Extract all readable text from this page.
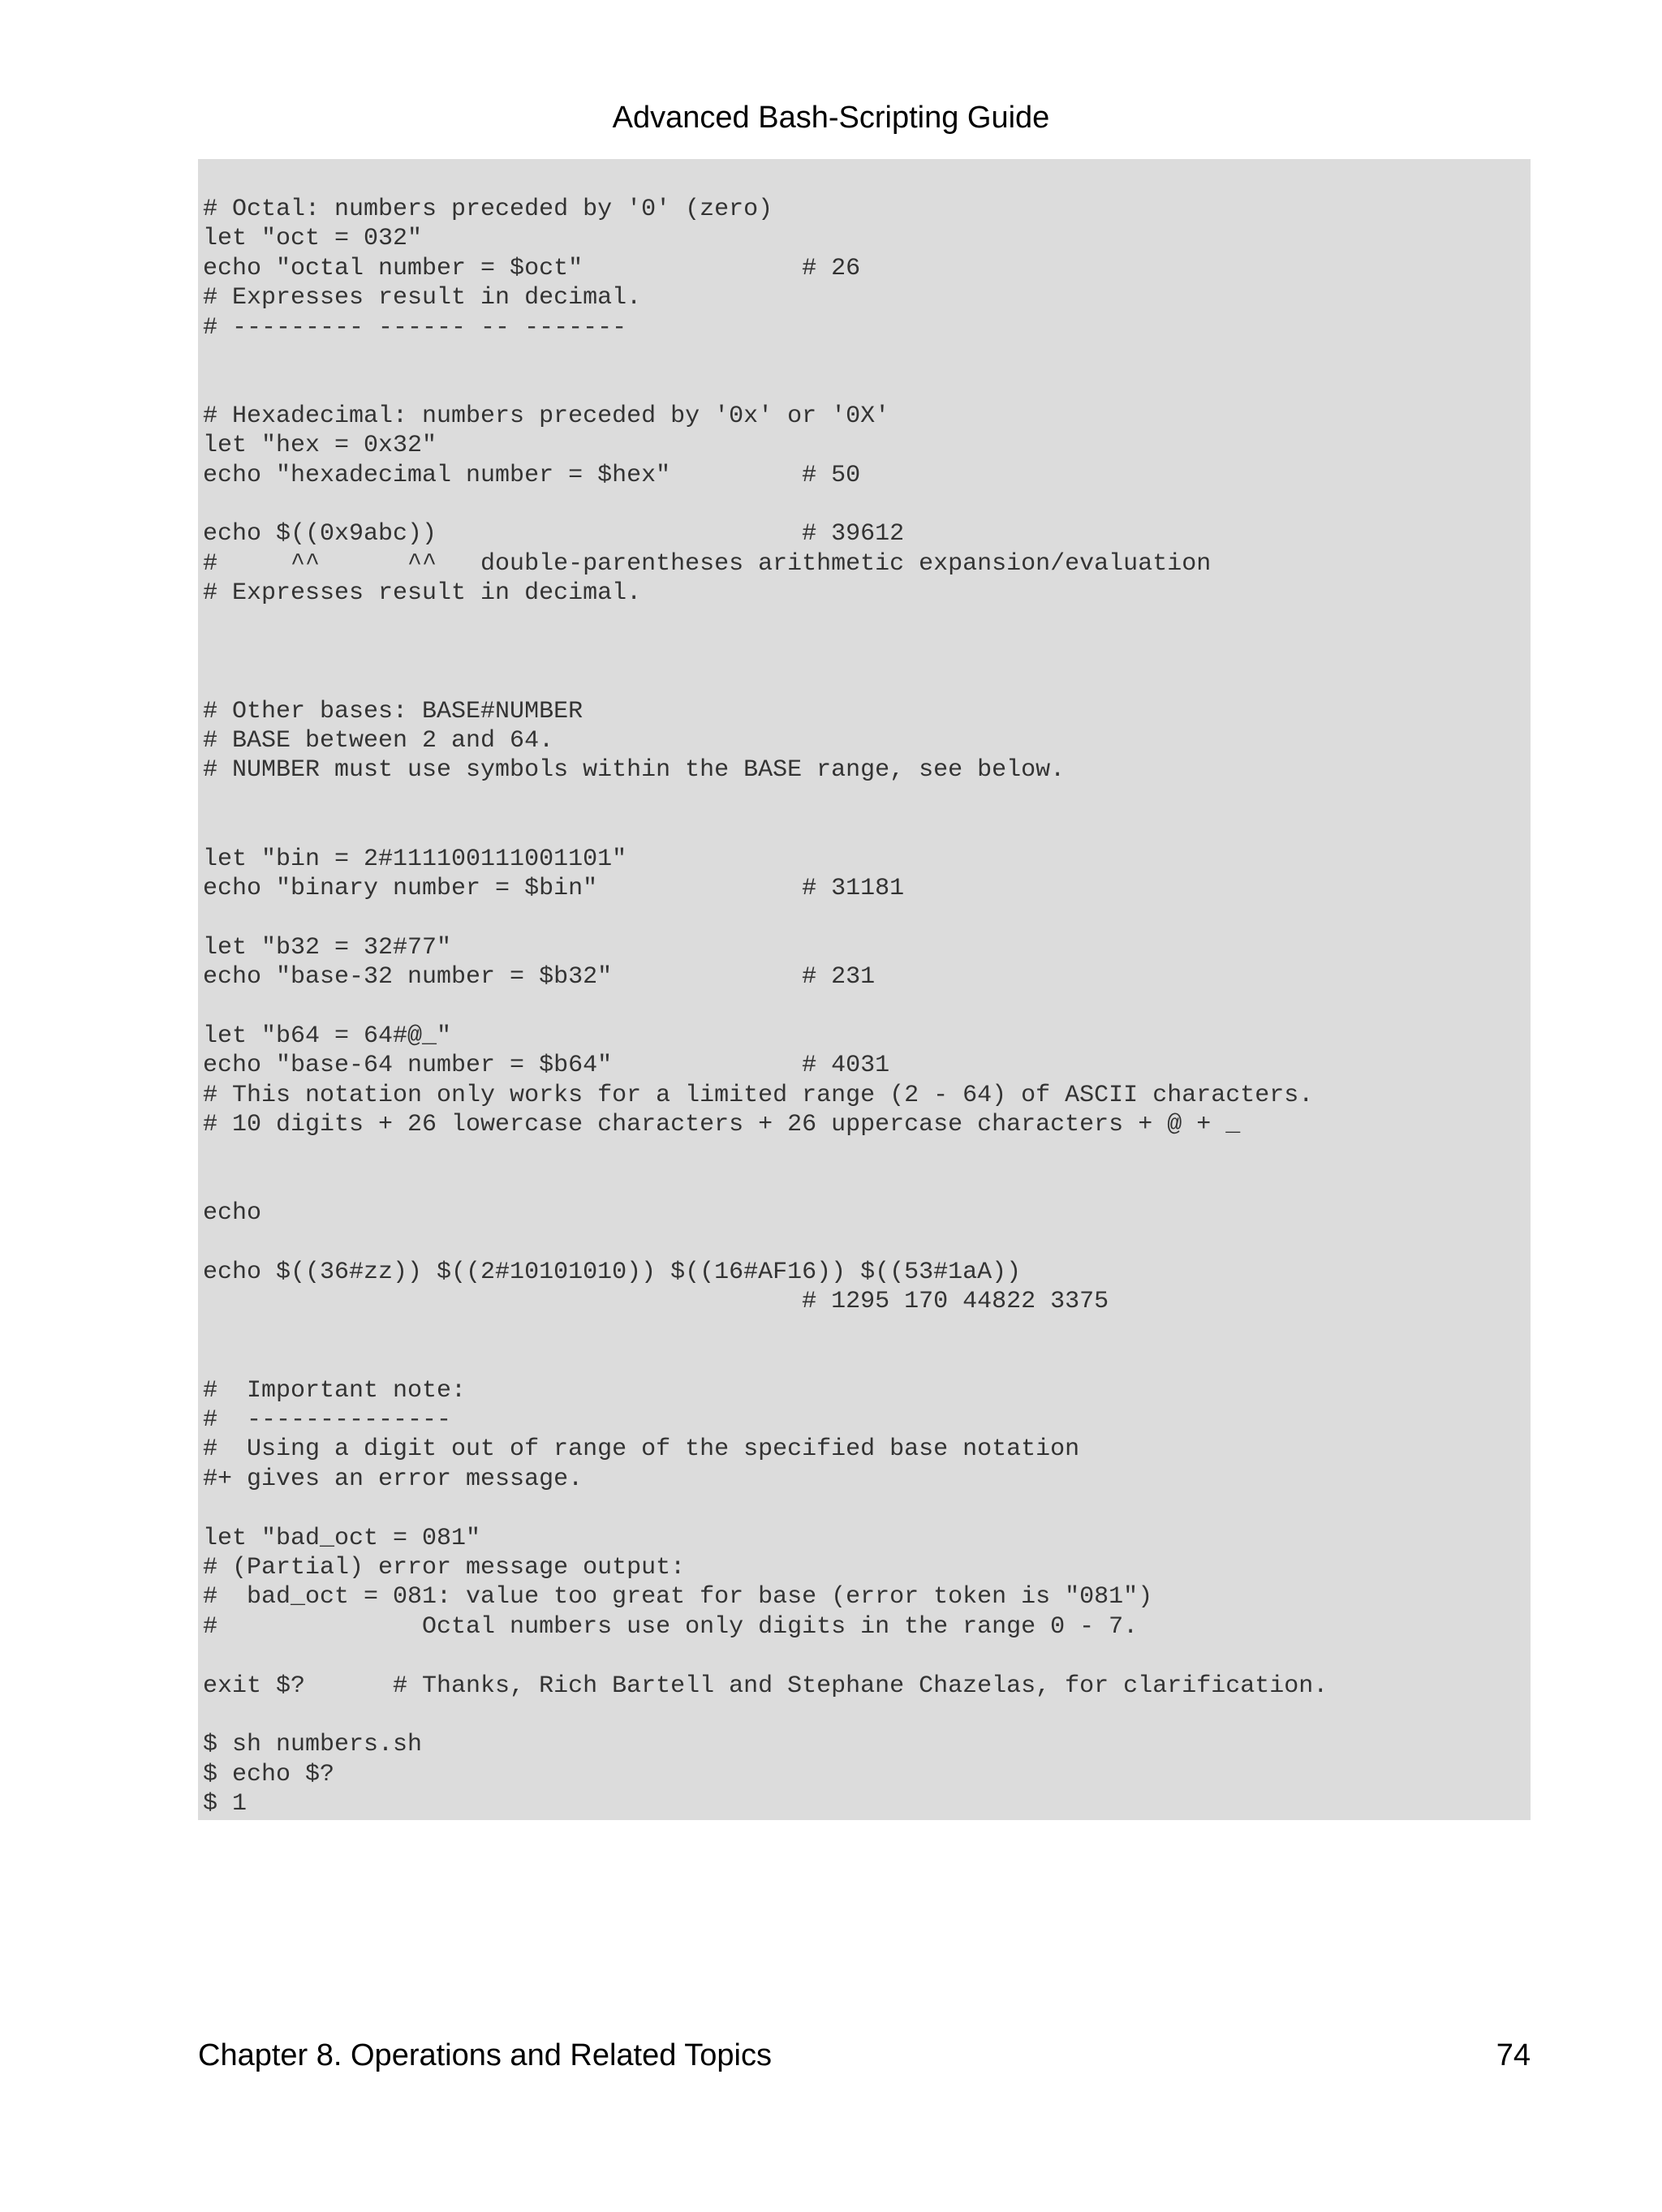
Advanced Bash-Scripting Guide
# Octal: numbers preceded by '0' (zero)
let "oct = 032"
echo "octal number = $oct"               # 26
# Expresses result in decimal.
# --------- ------ -- -------
# Hexadecimal: numbers preceded by '0x' or '0X'
let "hex = 0x32"
echo "hexadecimal number = $hex"         # 50
echo $((0x9abc))                         # 39612
#     ^^      ^^   double-parentheses arithmetic expansion/evaluation
# Expresses result in decimal.
# Other bases: BASE#NUMBER
# BASE between 2 and 64.
# NUMBER must use symbols within the BASE range, see below.
let "bin = 2#111100111001101"
echo "binary number = $bin"              # 31181
let "b32 = 32#77"
echo "base-32 number = $b32"             # 231
let "b64 = 64#@_"
echo "base-64 number = $b64"             # 4031
# This notation only works for a limited range (2 - 64) of ASCII characters.
# 10 digits + 26 lowercase characters + 26 uppercase characters + @ + _
echo
echo $((36#zz)) $((2#10101010)) $((16#AF16)) $((53#1aA))
# 1295 170 44822 3375
#  Important note:
#  --------------
#  Using a digit out of range of the specified base notation
#+ gives an error message.
let "bad_oct = 081"
# (Partial) error message output:
#  bad_oct = 081: value too great for base (error token is "081")
#              Octal numbers use only digits in the range 0 - 7.
exit $?      # Thanks, Rich Bartell and Stephane Chazelas, for clarification.
$ sh numbers.sh
$ echo $?
$ 1
Chapter 8. Operations and Related Topics	74
